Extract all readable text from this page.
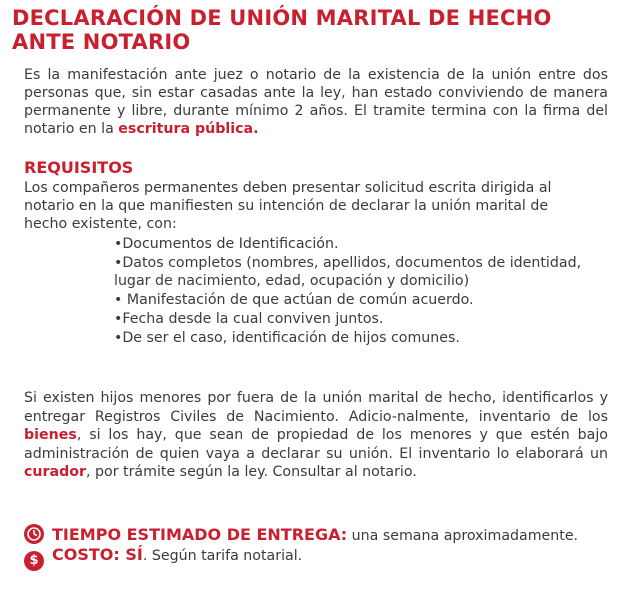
DECLARACIÓN DE UNIÓN MARITAL DE HECHO
ANTE NOTARIO
Es la manifestación ante juez o notario de la existencia de la unión entre dos personas que, sin estar casadas ante la ley, han estado conviviendo de manera permanente y libre, durante mínimo 2 años. El tramite termina con la firma del notario en la escritura pública.
REQUISITOS
Los compañeros permanentes deben presentar solicitud escrita dirigida al notario en la que manifiesten su intención de declarar la unión marital de hecho existente, con:
•Documentos de Identificación.
•Datos completos (nombres, apellidos, documentos de identidad, lugar de nacimiento, edad, ocupación y domicilio)
• Manifestación de que actúan de común acuerdo.
•Fecha desde la cual conviven juntos.
•De ser el caso, identificación de hijos comunes.
Si existen hijos menores por fuera de la unión marital de hecho, identificarlos y entregar Registros Civiles de Nacimiento. Adicio-nalmente, inventario de los bienes, si los hay, que sean de propiedad de los menores y que estén bajo administración de quien vaya a declarar su unión. El inventario lo elaborará un curador, por trámite según la ley. Consultar al notario.
TIEMPO ESTIMADO DE ENTREGA: una semana aproximadamente.
$ COSTO: SÍ. Según tarifa notarial.
